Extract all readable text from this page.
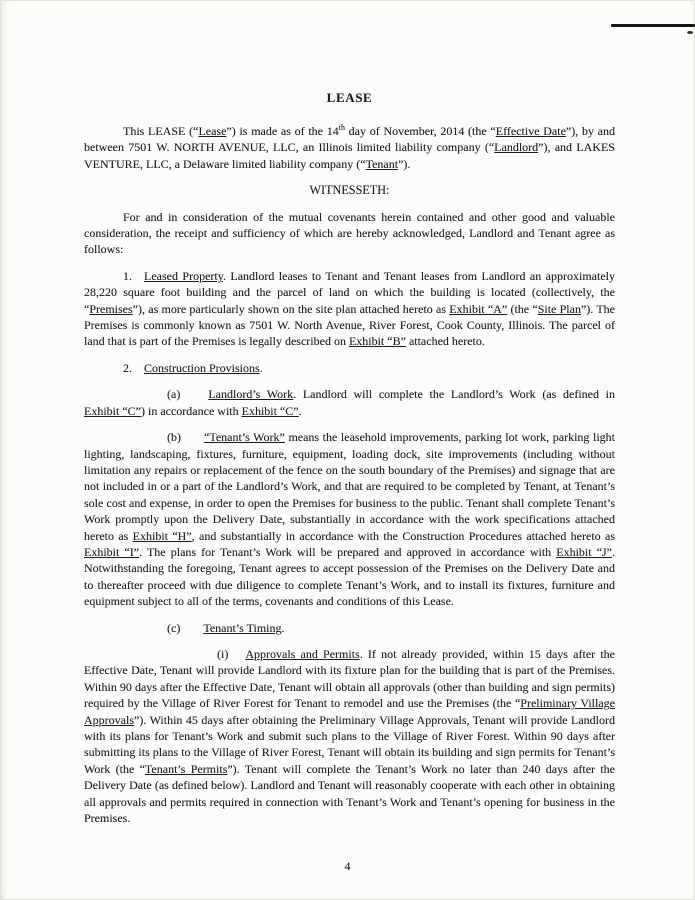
LEASE

This LEASE (“Lease”) is made as of the 14th day of November, 2014 (the “Effective Date”), by and between 7501 W. NORTH AVENUE, LLC, an Illinois limited liability company (“Landlord”), and LAKES VENTURE, LLC, a Delaware limited liability company (“Tenant”).

WITNESSETH:

For and in consideration of the mutual covenants herein contained and other good and valuable consideration, the receipt and sufficiency of which are hereby acknowledged, Landlord and Tenant agree as follows:

1. Leased Property. Landlord leases to Tenant and Tenant leases from Landlord an approximately 28,220 square foot building and the parcel of land on which the building is located (collectively, the “Premises”), as more particularly shown on the site plan attached hereto as Exhibit “A” (the “Site Plan”). The Premises is commonly known as 7501 W. North Avenue, River Forest, Cook County, Illinois. The parcel of land that is part of the Premises is legally described on Exhibit “B” attached hereto.

2. Construction Provisions.

(a) Landlord’s Work. Landlord will complete the Landlord’s Work (as defined in Exhibit “C”) in accordance with Exhibit “C”.

(b) “Tenant’s Work” means the leasehold improvements, parking lot work, parking light lighting, landscaping, fixtures, furniture, equipment, loading dock, site improvements (including without limitation any repairs or replacement of the fence on the south boundary of the Premises) and signage that are not included in or a part of the Landlord’s Work, and that are required to be completed by Tenant, at Tenant’s sole cost and expense, in order to open the Premises for business to the public. Tenant shall complete Tenant’s Work promptly upon the Delivery Date, substantially in accordance with the work specifications attached hereto as Exhibit “H”, and substantially in accordance with the Construction Procedures attached hereto as Exhibit “I”. The plans for Tenant’s Work will be prepared and approved in accordance with Exhibit “J”. Notwithstanding the foregoing, Tenant agrees to accept possession of the Premises on the Delivery Date and to thereafter proceed with due diligence to complete Tenant’s Work, and to install its fixtures, furniture and equipment subject to all of the terms, covenants and conditions of this Lease.

(c) Tenant’s Timing.

(i) Approvals and Permits. If not already provided, within 15 days after the Effective Date, Tenant will provide Landlord with its fixture plan for the building that is part of the Premises. Within 90 days after the Effective Date, Tenant will obtain all approvals (other than building and sign permits) required by the Village of River Forest for Tenant to remodel and use the Premises (the “Preliminary Village Approvals”). Within 45 days after obtaining the Preliminary Village Approvals, Tenant will provide Landlord with its plans for Tenant’s Work and submit such plans to the Village of River Forest. Within 90 days after submitting its plans to the Village of River Forest, Tenant will obtain its building and sign permits for Tenant’s Work (the “Tenant’s Permits”). Tenant will complete the Tenant’s Work no later than 240 days after the Delivery Date (as defined below). Landlord and Tenant will reasonably cooperate with each other in obtaining all approvals and permits required in connection with Tenant’s Work and Tenant’s opening for business in the Premises.

4
